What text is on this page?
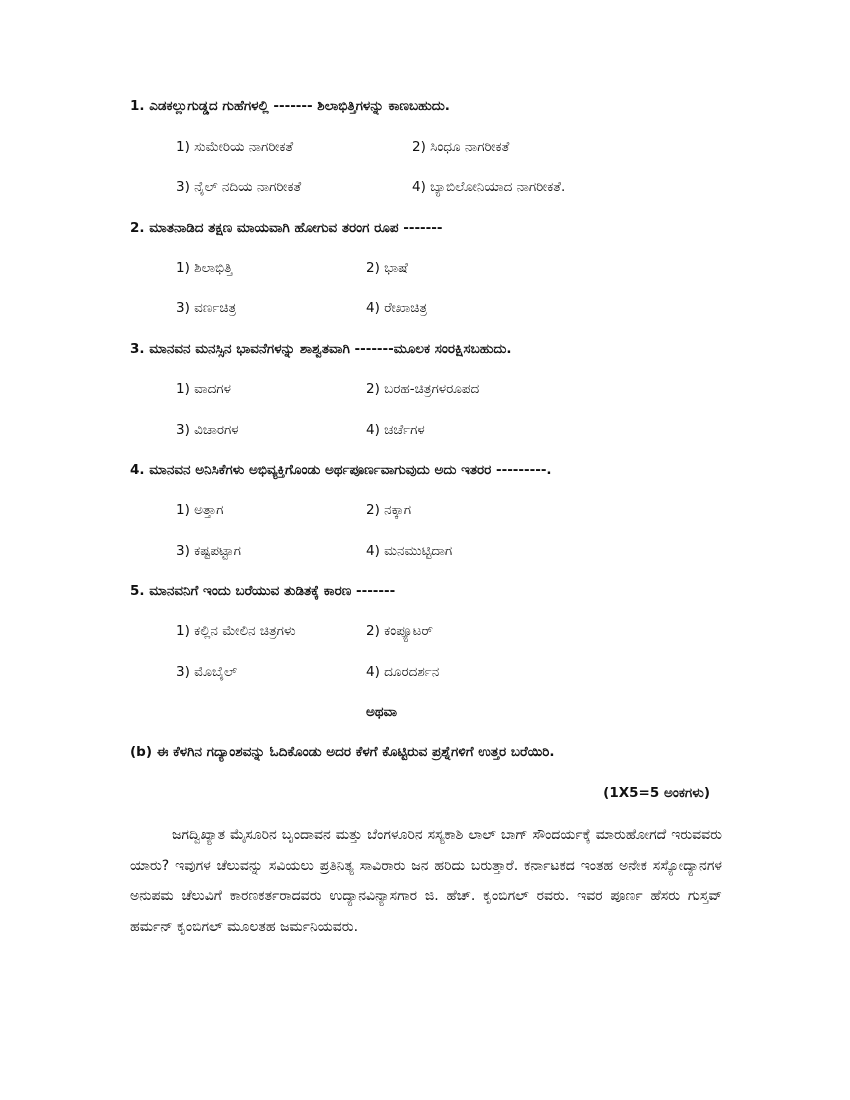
1. ಎಡಕಲ್ಲುಗುಡ್ಡದ ಗುಹೆಗಳಲ್ಲಿ ------- ಶಿಲಾಭಿತ್ತಿಗಳನ್ನು ಕಾಣಬಹುದು.
1) ಸುಮೇರಿಯ ನಾಗರೀಕತೆ	2) ಸಿಂಧೂ ನಾಗರೀಕತೆ
3) ನೈಲ್ ನದಿಯ ನಾಗರೀಕತೆ	4) ಬ್ಯಾಬಿಲೋನಿಯಾದ ನಾಗರೀಕತೆ.
2. ಮಾತನಾಡಿದ ತಕ್ಷಣ ಮಾಯವಾಗಿ ಹೋಗುವ ತರಂಗ ರೂಪ -------
1) ಶಿಲಾಭಿತ್ತಿ	2) ಭಾಷೆ
3) ವರ್ಣಚಿತ್ರ	4) ರೇಖಾಚಿತ್ರ
3. ಮಾನವನ ಮನಸ್ಸಿನ ಭಾವನೆಗಳನ್ನು ಶಾಶ್ವತವಾಗಿ -------ಮೂಲಕ ಸಂರಕ್ಷಿಸಬಹುದು.
1) ವಾದಗಳ	2) ಬರಹ-ಚಿತ್ರಗಳರೂಪದ
3) ವಿಚಾರಗಳ	4) ಚರ್ಚೆಗಳ
4. ಮಾನವನ ಅನಿಸಿಕೆಗಳು ಅಭಿವ್ಯಕ್ತಿಗೊಂಡು ಅರ್ಥಪೂರ್ಣವಾಗುವುದು ಅದು ಇತರರ ---------.
1) ಅತ್ತಾಗ	2) ನಕ್ಕಾಗ
3) ಕಷ್ಟಪಟ್ಟಾಗ	4) ಮನಮುಟ್ಟಿದಾಗ
5. ಮಾನವನಿಗೆ ಇಂದು ಬರೆಯುವ ತುಡಿತಕ್ಕೆ ಕಾರಣ -------
1) ಕಲ್ಲಿನ ಮೇಲಿನ ಚಿತ್ರಗಳು	2) ಕಂಪ್ಯೂಟರ್
3) ಮೊಬೈಲ್	4) ದೂರದರ್ಶನ
ಅಥವಾ
(b) ಈ ಕೆಳಗಿನ ಗದ್ಯಾಂಶವನ್ನು ಓದಿಕೊಂಡು ಅದರ ಕೆಳಗೆ ಕೊಟ್ಟಿರುವ ಪ್ರಶ್ನೆಗಳಿಗೆ ಉತ್ತರ ಬರೆಯಿರಿ.
(1X5=5 ಅಂಕಗಳು)
ಜಗದ್ವಿಖ್ಯಾತ ಮೈಸೂರಿನ ಬೃಂದಾವನ ಮತ್ತು ಬೆಂಗಳೂರಿನ ಸಸ್ಯಕಾಶಿ ಲಾಲ್ ಬಾಗ್ ಸೌಂದರ್ಯಕ್ಕೆ ಮಾರುಹೋಗದೆ ಇರುವವರು ಯಾರು? ಇವುಗಳ ಚೆಲುವನ್ನು ಸವಿಯಲು ಪ್ರತಿನಿತ್ಯ ಸಾವಿರಾರು ಜನ ಹರಿದು ಬರುತ್ತಾರೆ. ಕರ್ನಾಟಕದ ಇಂತಹ ಅನೇಕ ಸಸ್ಯೋದ್ಯಾನಗಳ ಅನುಪಮ ಚೆಲುವಿಗೆ ಕಾರಣಕರ್ತರಾದವರು ಉದ್ಯಾನವಿನ್ಯಾಸಗಾರ ಜಿ. ಹೆಚ್. ಕೃಂಬಿಗಲ್ ರವರು. ಇವರ ಪೂರ್ಣ ಹೆಸರು ಗುಸ್ತವ್ ಹರ್ಮನ್ ಕೃಂಬಿಗಲ್ ಮೂಲತಹ ಜರ್ಮನಿಯವರು.
